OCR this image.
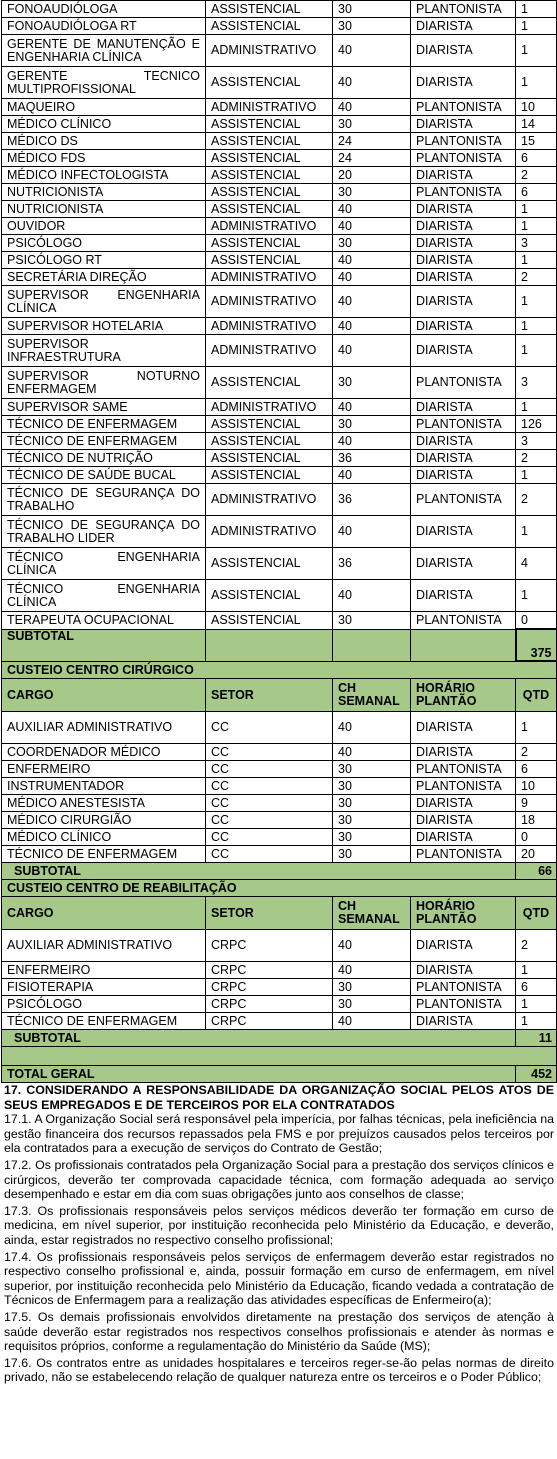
FONOAUDIÓLOGA	ASSISTENCIAL	30	PLANTONISTA	1
FONOAUDIÓLOGA RT	ASSISTENCIAL	30	DIARISTA	1
GERENTE DE MANUTENÇÃO E ENGENHARIA CLÍNICA	ADMINISTRATIVO	40	DIARISTA	1
GERENTE TECNICO MULTIPROFISSIONAL	ASSISTENCIAL	40	DIARISTA	1
MAQUEIRO	ADMINISTRATIVO	40	PLANTONISTA	10
MÉDICO CLÍNICO	ASSISTENCIAL	30	DIARISTA	14
MÉDICO DS	ASSISTENCIAL	24	PLANTONISTA	15
MÉDICO FDS	ASSISTENCIAL	24	PLANTONISTA	6
MÉDICO INFECTOLOGISTA	ASSISTENCIAL	20	DIARISTA	2
NUTRICIONISTA	ASSISTENCIAL	30	PLANTONISTA	6
NUTRICIONISTA	ASSISTENCIAL	40	DIARISTA	1
OUVIDOR	ADMINISTRATIVO	40	DIARISTA	1
PSICÓLOGO	ASSISTENCIAL	30	DIARISTA	3
PSICÓLOGO RT	ASSISTENCIAL	40	DIARISTA	1
SECRETÁRIA DIREÇÃO	ADMINISTRATIVO	40	DIARISTA	2
SUPERVISOR ENGENHARIA CLÍNICA	ADMINISTRATIVO	40	DIARISTA	1
SUPERVISOR HOTELARIA	ADMINISTRATIVO	40	DIARISTA	1
SUPERVISOR INFRAESTRUTURA	ADMINISTRATIVO	40	DIARISTA	1
SUPERVISOR NOTURNO ENFERMAGEM	ASSISTENCIAL	30	PLANTONISTA	3
SUPERVISOR SAME	ADMINISTRATIVO	40	DIARISTA	1
TÉCNICO DE ENFERMAGEM	ASSISTENCIAL	30	PLANTONISTA	126
TÉCNICO DE ENFERMAGEM	ASSISTENCIAL	40	DIARISTA	3
TÉCNICO DE NUTRIÇÃO	ASSISTENCIAL	36	DIARISTA	2
TÉCNICO DE SAÚDE BUCAL	ASSISTENCIAL	40	DIARISTA	1
TÉCNICO DE SEGURANÇA DO TRABALHO	ADMINISTRATIVO	36	PLANTONISTA	2
TÉCNICO DE SEGURANÇA DO TRABALHO LIDER	ADMINISTRATIVO	40	DIARISTA	1
TÉCNICO ENGENHARIA CLÍNICA	ASSISTENCIAL	36	DIARISTA	4
TÉCNICO ENGENHARIA CLÍNICA	ASSISTENCIAL	40	DIARISTA	1
TERAPEUTA OCUPACIONAL	ASSISTENCIAL	30	PLANTONISTA	0
SUBTOTAL				375
CUSTEIO CENTRO CIRÚRGICO				
CARGO	SETOR	CH SEMANAL	HORÁRIO PLANTÃO	QTD
AUXILIAR ADMINISTRATIVO	CC	40	DIARISTA	1
COORDENADOR MÉDICO	CC	40	DIARISTA	2
ENFERMEIRO	CC	30	PLANTONISTA	6
INSTRUMENTADOR	CC	30	PLANTONISTA	10
MÉDICO ANESTESISTA	CC	30	DIARISTA	9
MÉDICO CIRURGIÃO	CC	30	DIARISTA	18
MÉDICO CLÍNICO	CC	30	DIARISTA	0
TÉCNICO DE ENFERMAGEM	CC	30	PLANTONISTA	20
SUBTOTAL				66
CUSTEIO CENTRO DE REABILITAÇÃO				
CARGO	SETOR	CH SEMANAL	HORÁRIO PLANTÃO	QTD
AUXILIAR ADMINISTRATIVO	CRPC	40	DIARISTA	2
ENFERMEIRO	CRPC	40	DIARISTA	1
FISIOTERAPIA	CRPC	30	PLANTONISTA	6
PSICÓLOGO	CRPC	30	PLANTONISTA	1
TÉCNICO DE ENFERMAGEM	CRPC	40	DIARISTA	1
SUBTOTAL				11

TOTAL GERAL				452
17. CONSIDERANDO A RESPONSABILIDADE DA ORGANIZAÇÃO SOCIAL PELOS ATOS DE SEUS EMPREGADOS E DE TERCEIROS POR ELA CONTRATADOS

17.1. A Organização Social será responsável pela imperícia, por falhas técnicas, pela ineficiência na gestão financeira dos recursos repassados pela FMS e por prejuízos causados pelos terceiros por ela contratados para a execução de serviços do Contrato de Gestão;

17.2. Os profissionais contratados pela Organização Social para a prestação dos serviços clínicos e cirúrgicos, deverão ter comprovada capacidade técnica, com formação adequada ao serviço desempenhado e estar em dia com suas obrigações junto aos conselhos de classe;

17.3. Os profissionais responsáveis pelos serviços médicos deverão ter formação em curso de medicina, em nível superior, por instituição reconhecida pelo Ministério da Educação, e deverão, ainda, estar registrados no respectivo conselho profissional;

17.4. Os profissionais responsáveis pelos serviços de enfermagem deverão estar registrados no respectivo conselho profissional e, ainda, possuir formação em curso de enfermagem, em nível superior, por instituição reconhecida pelo Ministério da Educação, ficando vedada a contratação de Técnicos de Enfermagem para a realização das atividades específicas de Enfermeiro(a);

17.5. Os demais profissionais envolvidos diretamente na prestação dos serviços de atenção à saúde deverão estar registrados nos respectivos conselhos profissionais e atender às normas e requisitos próprios, conforme a regulamentação do Ministério da Saúde (MS);

17.6. Os contratos entre as unidades hospitalares e terceiros reger-se-ão pelas normas de direito privado, não se estabelecendo relação de qualquer natureza entre os terceiros e o Poder Público;
